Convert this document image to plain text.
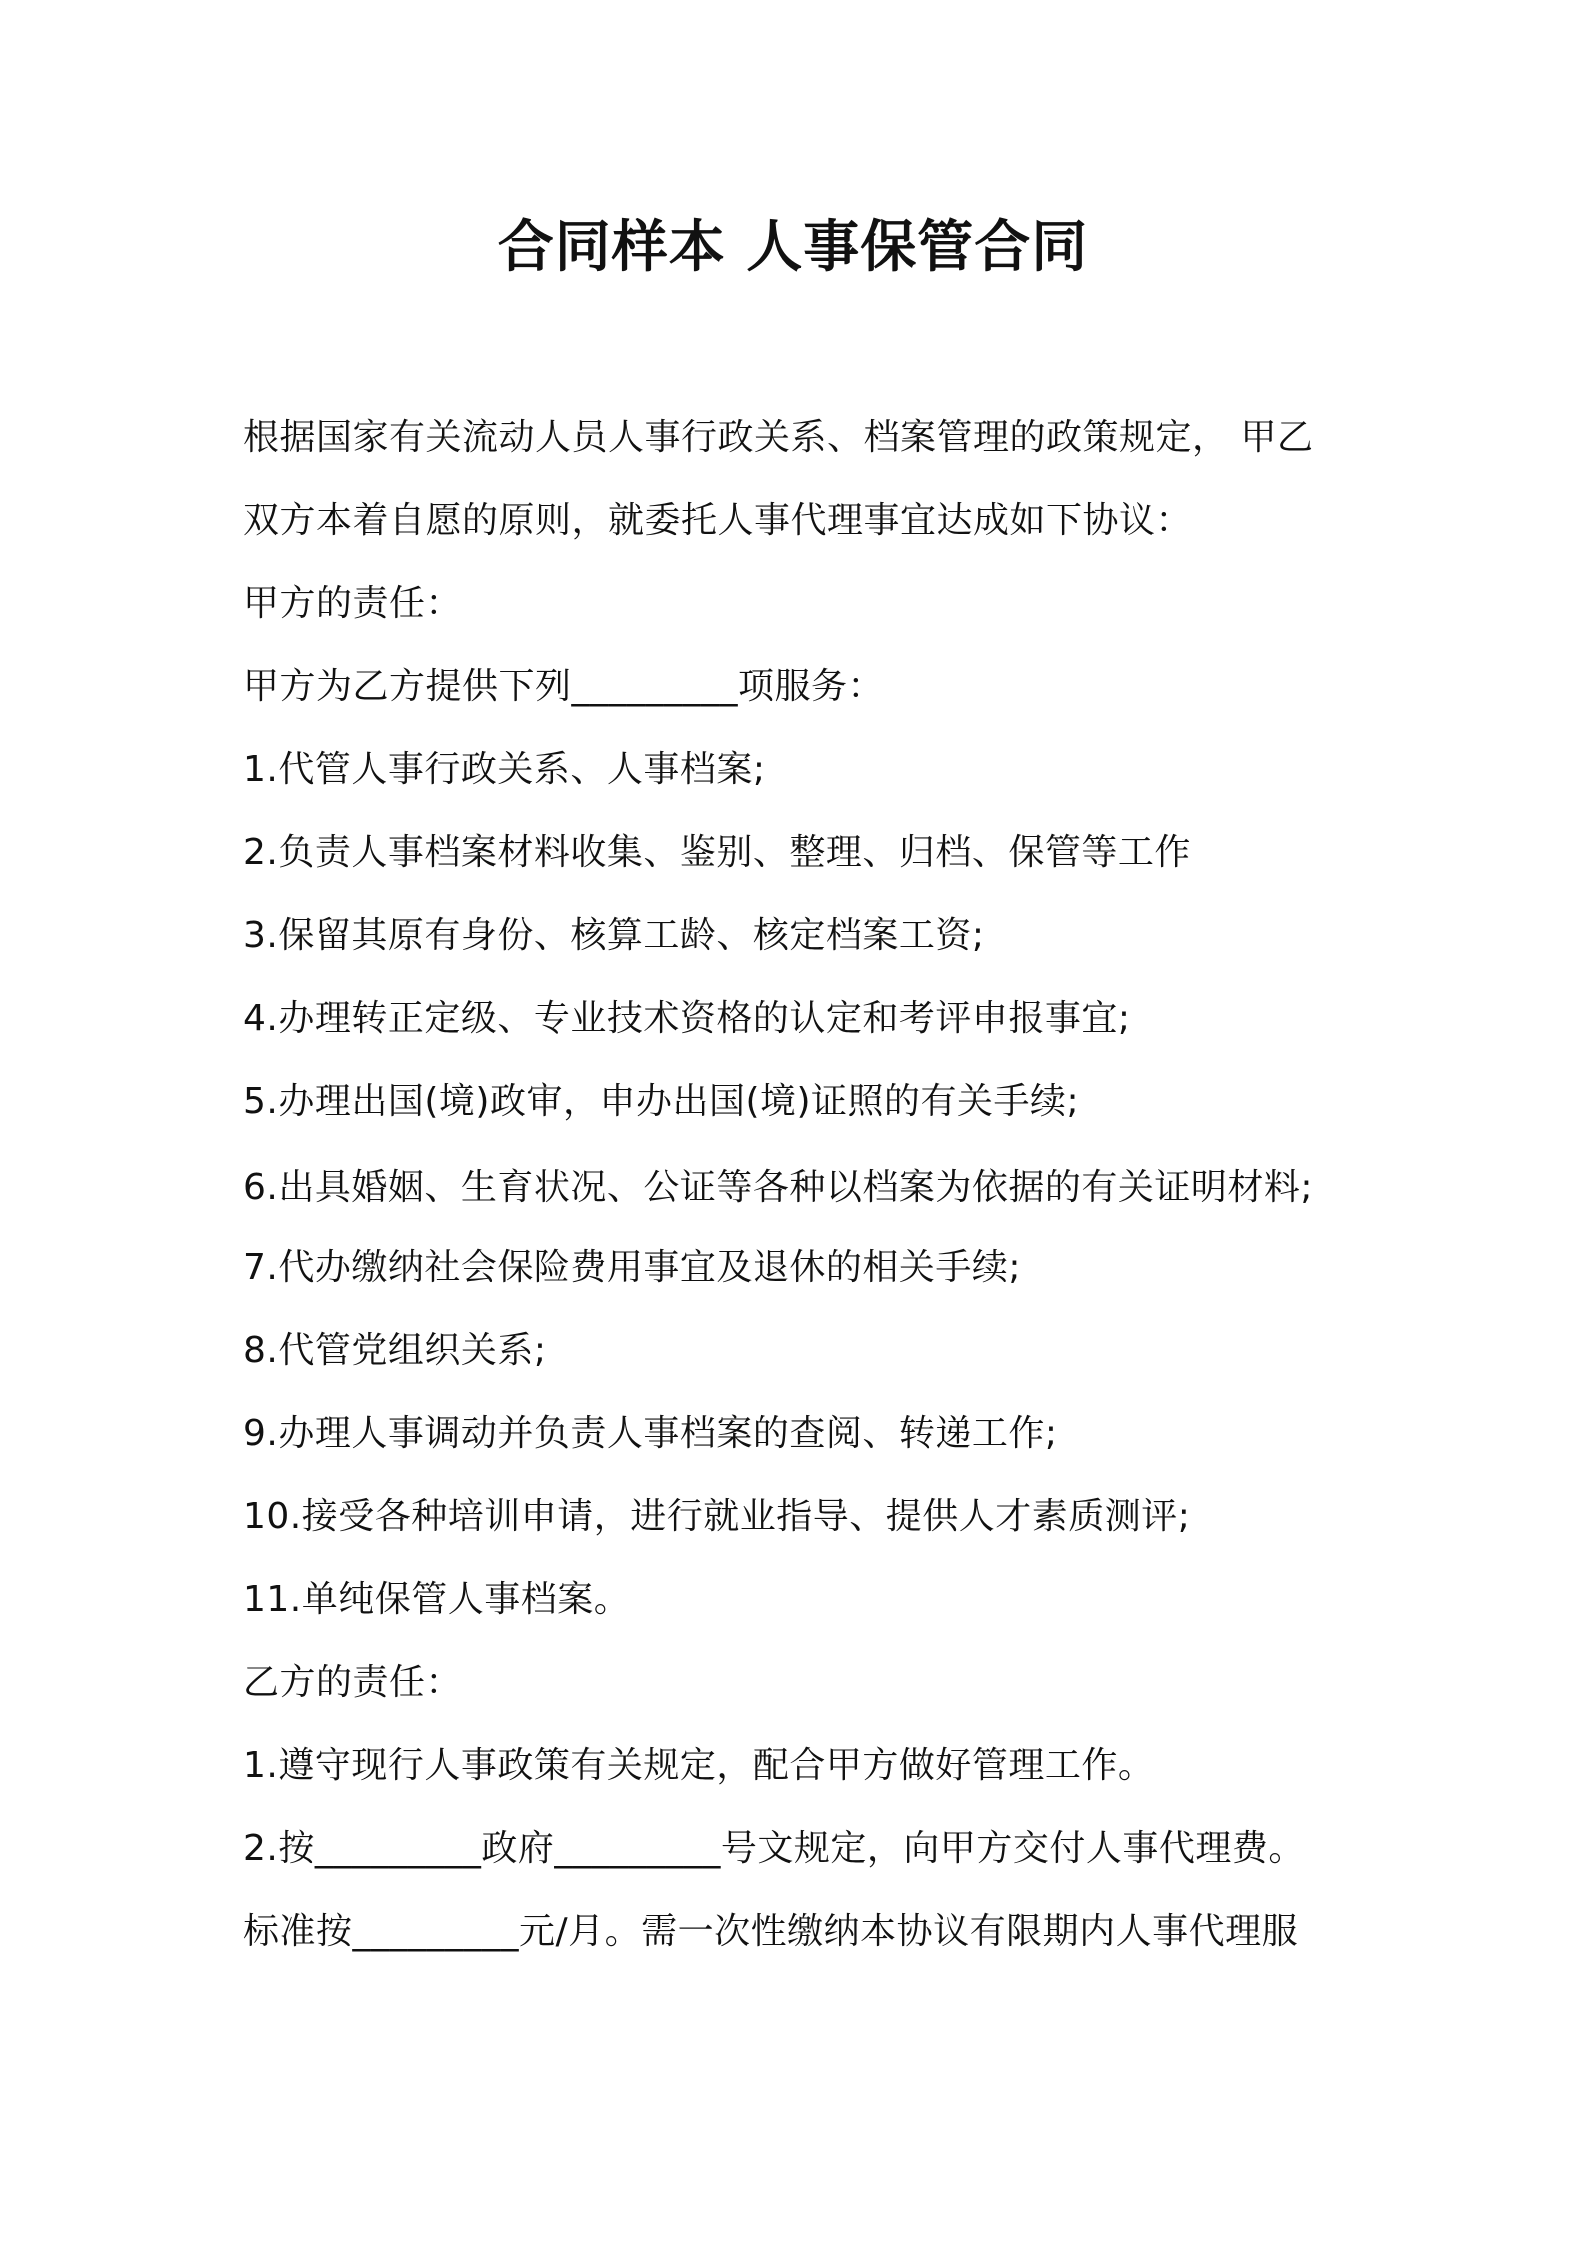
合同样本 人事保管合同
根据国家有关流动人员人事行政关系、档案管理的政策规定， 甲乙
双方本着自愿的原则，就委托人事代理事宜达成如下协议：
甲方的责任：
甲方为乙方提供下列_________项服务：
1.代管人事行政关系、人事档案;
2.负责人事档案材料收集、鉴别、整理、归档、保管等工作
3.保留其原有身份、核算工龄、核定档案工资;
4.办理转正定级、专业技术资格的认定和考评申报事宜;
5.办理出国(境)政审，申办出国(境)证照的有关手续;
6.出具婚姻、生育状况、公证等各种以档案为依据的有关证明材料;
7.代办缴纳社会保险费用事宜及退休的相关手续;
8.代管党组织关系;
9.办理人事调动并负责人事档案的查阅、转递工作;
10.接受各种培训申请，进行就业指导、提供人才素质测评;
11.单纯保管人事档案。
乙方的责任：
1.遵守现行人事政策有关规定，配合甲方做好管理工作。
2.按_________政府_________号文规定，向甲方交付人事代理费。
标准按_________元/月。需一次性缴纳本协议有限期内人事代理服
